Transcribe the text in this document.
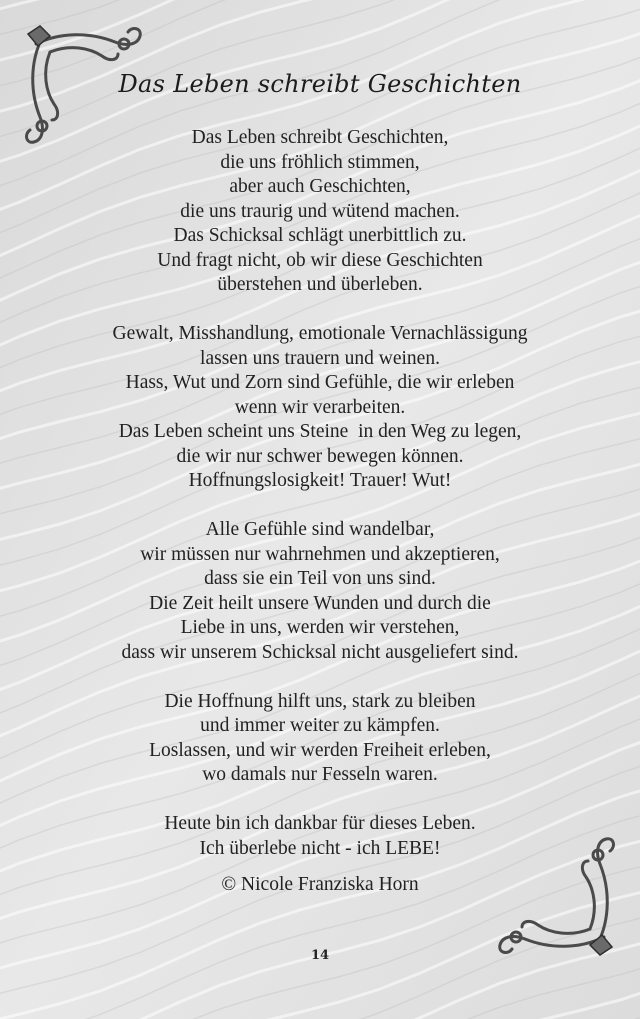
Das Leben schreibt Geschichten
Das Leben schreibt Geschichten,
die uns fröhlich stimmen,
aber auch Geschichten,
die uns traurig und wütend machen.
Das Schicksal schlägt unerbittlich zu.
Und fragt nicht, ob wir diese Geschichten
überstehen und überleben.
Gewalt, Misshandlung, emotionale Vernachlässigung
lassen uns trauern und weinen.
Hass, Wut und Zorn sind Gefühle, die wir erleben
wenn wir verarbeiten.
Das Leben scheint uns Steine  in den Weg zu legen,
die wir nur schwer bewegen können.
Hoffnungslosigkeit! Trauer! Wut!
Alle Gefühle sind wandelbar,
wir müssen nur wahrnehmen und akzeptieren,
dass sie ein Teil von uns sind.
Die Zeit heilt unsere Wunden und durch die
Liebe in uns, werden wir verstehen,
dass wir unserem Schicksal nicht ausgeliefert sind.
Die Hoffnung hilft uns, stark zu bleiben
und immer weiter zu kämpfen.
Loslassen, und wir werden Freiheit erleben,
wo damals nur Fesseln waren.
Heute bin ich dankbar für dieses Leben.
Ich überlebe nicht - ich LEBE!
© Nicole Franziska Horn
14
